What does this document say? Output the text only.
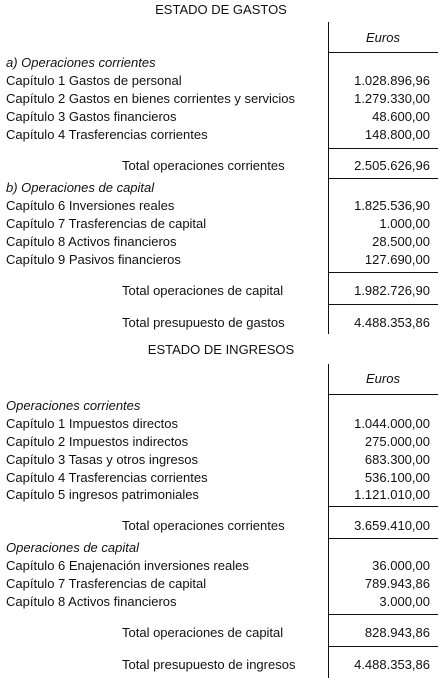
ESTADO DE GASTOS
Euros
a) Operaciones corrientes
Capítulo 1 Gastos de personal	1.028.896,96
Capítulo 2 Gastos en bienes corrientes y servicios	1.279.330,00
Capítulo 3 Gastos financieros	48.600,00
Capítulo 4 Trasferencias corrientes	148.800,00
Total operaciones corrientes	2.505.626,96
b) Operaciones de capital
Capítulo 6 Inversiones reales	1.825.536,90
Capítulo 7 Trasferencias de capital	1.000,00
Capítulo 8 Activos financieros	28.500,00
Capítulo 9 Pasivos financieros	127.690,00
Total operaciones de capital	1.982.726,90
Total presupuesto de gastos	4.488.353,86
ESTADO DE INGRESOS
Euros
Operaciones corrientes
Capítulo 1 Impuestos directos	1.044.000,00
Capítulo 2 Impuestos indirectos	275.000,00
Capítulo 3 Tasas y otros ingresos	683.300,00
Capítulo 4 Trasferencias corrientes	536.100,00
Capítulo 5 ingresos patrimoniales	1.121.010,00
Total operaciones corrientes	3.659.410,00
Operaciones de capital
Capítulo 6 Enajenación inversiones reales	36.000,00
Capítulo 7 Trasferencias de capital	789.943,86
Capítulo 8 Activos financieros	3.000,00
Total operaciones de capital	828.943,86
Total presupuesto de ingresos	4.488.353,86
